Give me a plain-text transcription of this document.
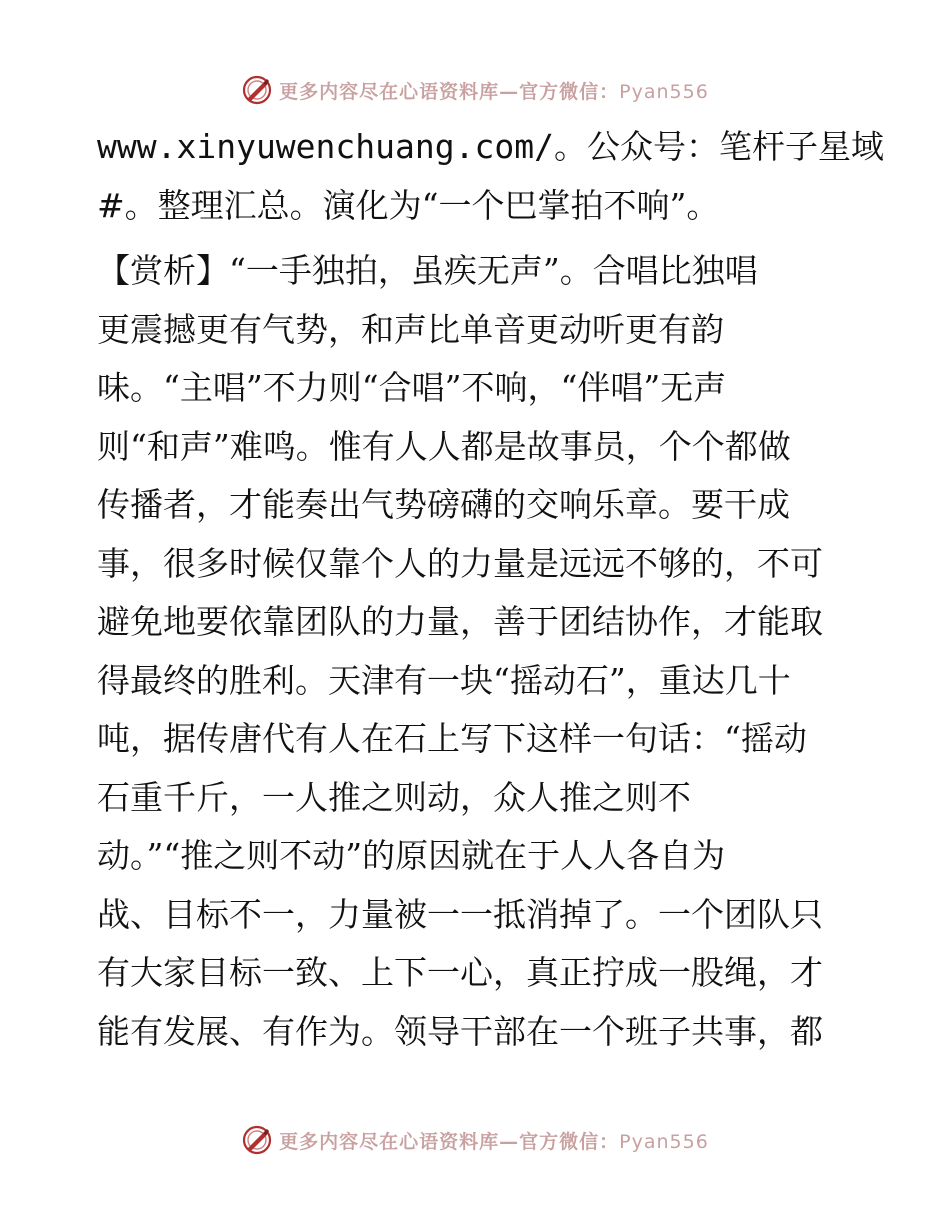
更多内容尽在心语资料库—官方微信：Pyan556
www.xinyuwenchuang.com/。公众号：笔杆子星域
#。整理汇总。演化为“一个巴掌拍不响”。
【赏析】“一手独拍，虽疾无声”。合唱比独唱
更震撼更有气势，和声比单音更动听更有韵
味。“主唱”不力则“合唱”不响，“伴唱”无声
则“和声”难鸣。惟有人人都是故事员，个个都做
传播者，才能奏出气势磅礴的交响乐章。要干成
事，很多时候仅靠个人的力量是远远不够的，不可
避免地要依靠团队的力量，善于团结协作，才能取
得最终的胜利。天津有一块“摇动石”，重达几十
吨，据传唐代有人在石上写下这样一句话：“摇动
石重千斤，一人推之则动，众人推之则不
动。”“推之则不动”的原因就在于人人各自为
战、目标不一，力量被一一抵消掉了。一个团队只
有大家目标一致、上下一心，真正拧成一股绳，才
能有发展、有作为。领导干部在一个班子共事，都
更多内容尽在心语资料库—官方微信：Pyan556
